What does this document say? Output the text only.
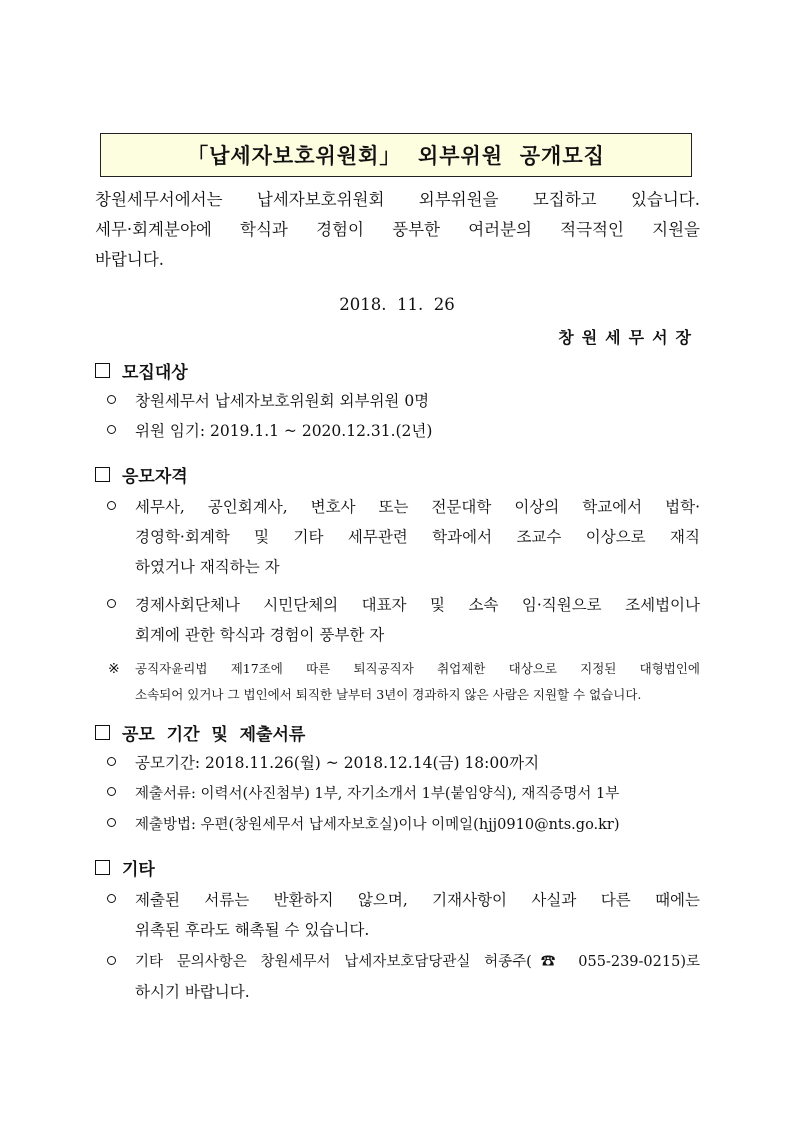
「납세자보호위원회」  외부위원  공개모집
창원세무서에서는 납세자보호위원회 외부위원을 모집하고 있습니다.
세무·회계분야에 학식과 경험이 풍부한 여러분의 적극적인 지원을
바랍니다.
2018.  11.  26
창원세무서장
모집대상
창원세무서 납세자보호위원회 외부위원 0명
위원 임기: 2019.1.1 ~ 2020.12.31.(2년)
응모자격
세무사, 공인회계사, 변호사 또는 전문대학 이상의 학교에서 법학·
경영학·회계학 및 기타 세무관련 학과에서 조교수 이상으로 재직
하였거나 재직하는 자
경제사회단체나 시민단체의 대표자 및 소속 임·직원으로 조세법이나
회계에 관한 학식과 경험이 풍부한 자
※ 공직자윤리법 제17조에 따른 퇴직공직자 취업제한 대상으로 지정된 대형법인에
소속되어 있거나 그 법인에서 퇴직한 날부터 3년이 경과하지 않은 사람은 지원할 수 없습니다.
공모  기간  및  제출서류
공모기간: 2018.11.26(월) ~ 2018.12.14(금) 18:00까지
제출서류: 이력서(사진첨부) 1부, 자기소개서 1부(붙임양식), 재직증명서 1부
제출방법: 우편(창원세무서 납세자보호실)이나 이메일(hjj0910@nts.go.kr)
기타
제출된 서류는 반환하지 않으며, 기재사항이 사실과 다른 때에는
위촉된 후라도 해촉될 수 있습니다.
기타 문의사항은 창원세무서 납세자보호담당관실 허종주(☎ 055-239-0215)로
하시기 바랍니다.
